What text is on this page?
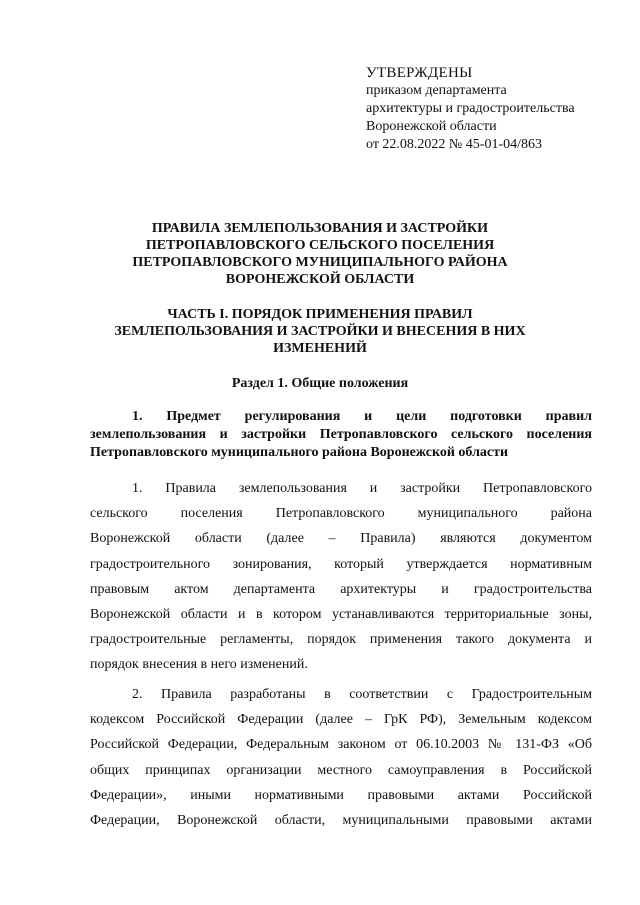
УТВЕРЖДЕНЫ
приказом департамента
архитектуры и градостроительства
Воронежской области
от 22.08.2022 № 45-01-04/863
ПРАВИЛА ЗЕМЛЕПОЛЬЗОВАНИЯ И ЗАСТРОЙКИ
ПЕТРОПАВЛОВСКОГО СЕЛЬСКОГО ПОСЕЛЕНИЯ
ПЕТРОПАВЛОВСКОГО МУНИЦИПАЛЬНОГО РАЙОНА
ВОРОНЕЖСКОЙ ОБЛАСТИ
ЧАСТЬ I. ПОРЯДОК ПРИМЕНЕНИЯ ПРАВИЛ
ЗЕМЛЕПОЛЬЗОВАНИЯ И ЗАСТРОЙКИ И ВНЕСЕНИЯ В НИХ
ИЗМЕНЕНИЙ
Раздел 1. Общие положения
1. Предмет регулирования и цели подготовки правил
землепользования и застройки Петропавловского сельского поселения
Петропавловского муниципального района Воронежской области
1. Правила землепользования и застройки Петропавловского
сельского поселения Петропавловского муниципального района
Воронежской области (далее – Правила) являются документом
градостроительного зонирования, который утверждается нормативным
правовым актом департамента архитектуры и градостроительства
Воронежской области и в котором устанавливаются территориальные зоны,
градостроительные регламенты, порядок применения такого документа и
порядок внесения в него изменений.
2. Правила разработаны в соответствии с Градостроительным
кодексом Российской Федерации (далее – ГрК РФ), Земельным кодексом
Российской Федерации, Федеральным законом от 06.10.2003 № 131-ФЗ «Об
общих принципах организации местного самоуправления в Российской
Федерации», иными нормативными правовыми актами Российской
Федерации, Воронежской области, муниципальными правовыми актами
